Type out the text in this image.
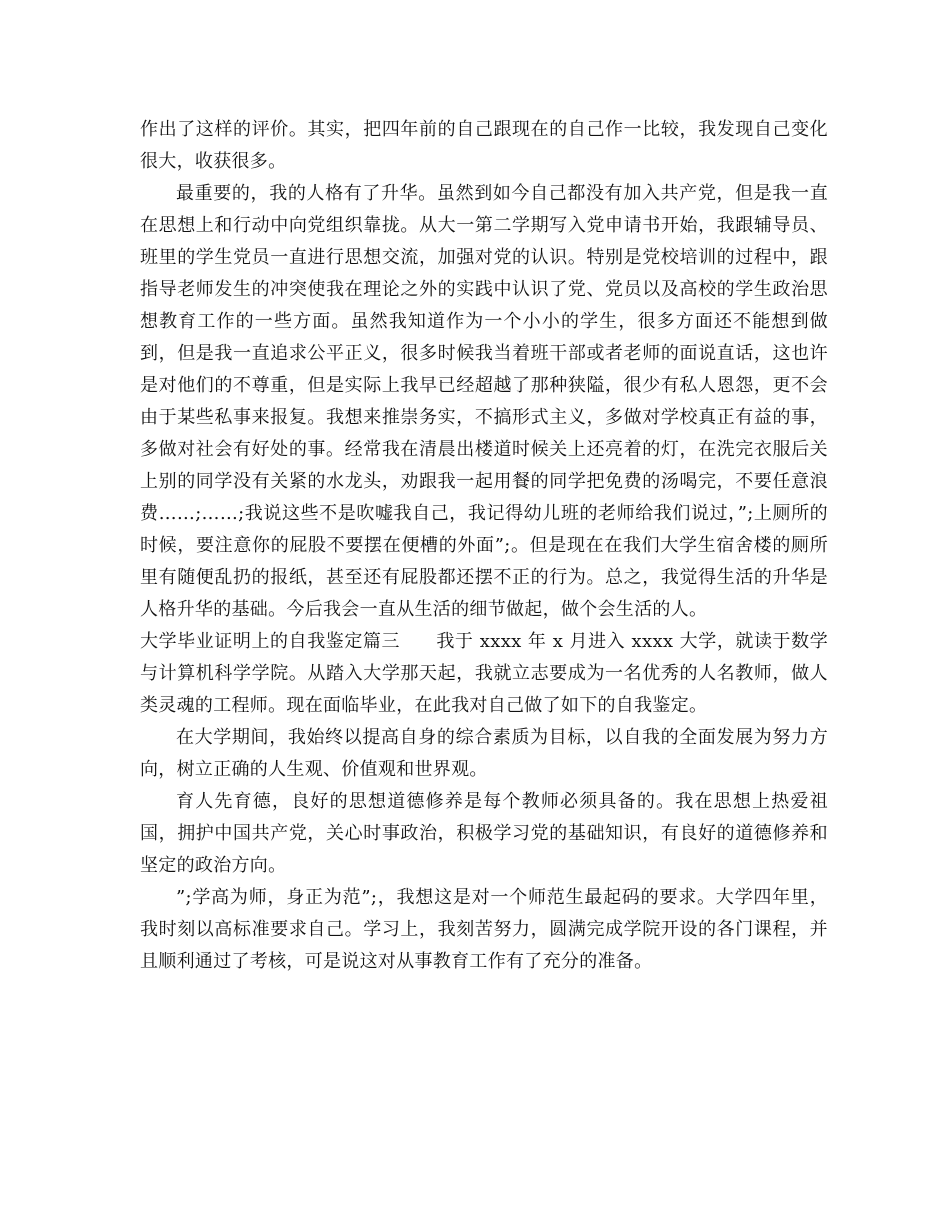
作出了这样的评价。其实，把四年前的自己跟现在的自己作一比较，我发现自己变化很大，收获很多。

最重要的，我的人格有了升华。虽然到如今自己都没有加入共产党，但是我一直在思想上和行动中向党组织靠拢。从大一第二学期写入党申请书开始，我跟辅导员、班里的学生党员一直进行思想交流，加强对党的认识。特别是党校培训的过程中，跟指导老师发生的冲突使我在理论之外的实践中认识了党、党员以及高校的学生政治思想教育工作的一些方面。虽然我知道作为一个小小的学生，很多方面还不能想到做到，但是我一直追求公平正义，很多时候我当着班干部或者老师的面说直话，这也许是对他们的不尊重，但是实际上我早已经超越了那种狭隘，很少有私人恩怨，更不会由于某些私事来报复。我想来推崇务实，不搞形式主义，多做对学校真正有益的事，多做对社会有好处的事。经常我在清晨出楼道时候关上还亮着的灯，在洗完衣服后关上别的同学没有关紧的水龙头，劝跟我一起用餐的同学把免费的汤喝完，不要任意浪费……;……;我说这些不是吹嘘我自己，我记得幼儿班的老师给我们说过，”;上厕所的时候，要注意你的屁股不要摆在便槽的外面”;。但是现在在我们大学生宿舍楼的厕所里有随便乱扔的报纸，甚至还有屁股都还摆不正的行为。总之，我觉得生活的升华是人格升华的基础。今后我会一直从生活的细节做起，做个会生活的人。

大学毕业证明上的自我鉴定篇三 我于 xxxx 年 x 月进入 xxxx 大学，就读于数学与计算机科学学院。从踏入大学那天起，我就立志要成为一名优秀的人名教师，做人类灵魂的工程师。现在面临毕业，在此我对自己做了如下的自我鉴定。

在大学期间，我始终以提高自身的综合素质为目标，以自我的全面发展为努力方向，树立正确的人生观、价值观和世界观。

育人先育德，良好的思想道德修养是每个教师必须具备的。我在思想上热爱祖国，拥护中国共产党，关心时事政治，积极学习党的基础知识，有良好的道德修养和坚定的政治方向。

”;学高为师，身正为范”;，我想这是对一个师范生最起码的要求。大学四年里，我时刻以高标准要求自己。学习上，我刻苦努力，圆满完成学院开设的各门课程，并且顺利通过了考核，可是说这对从事教育工作有了充分的准备。
